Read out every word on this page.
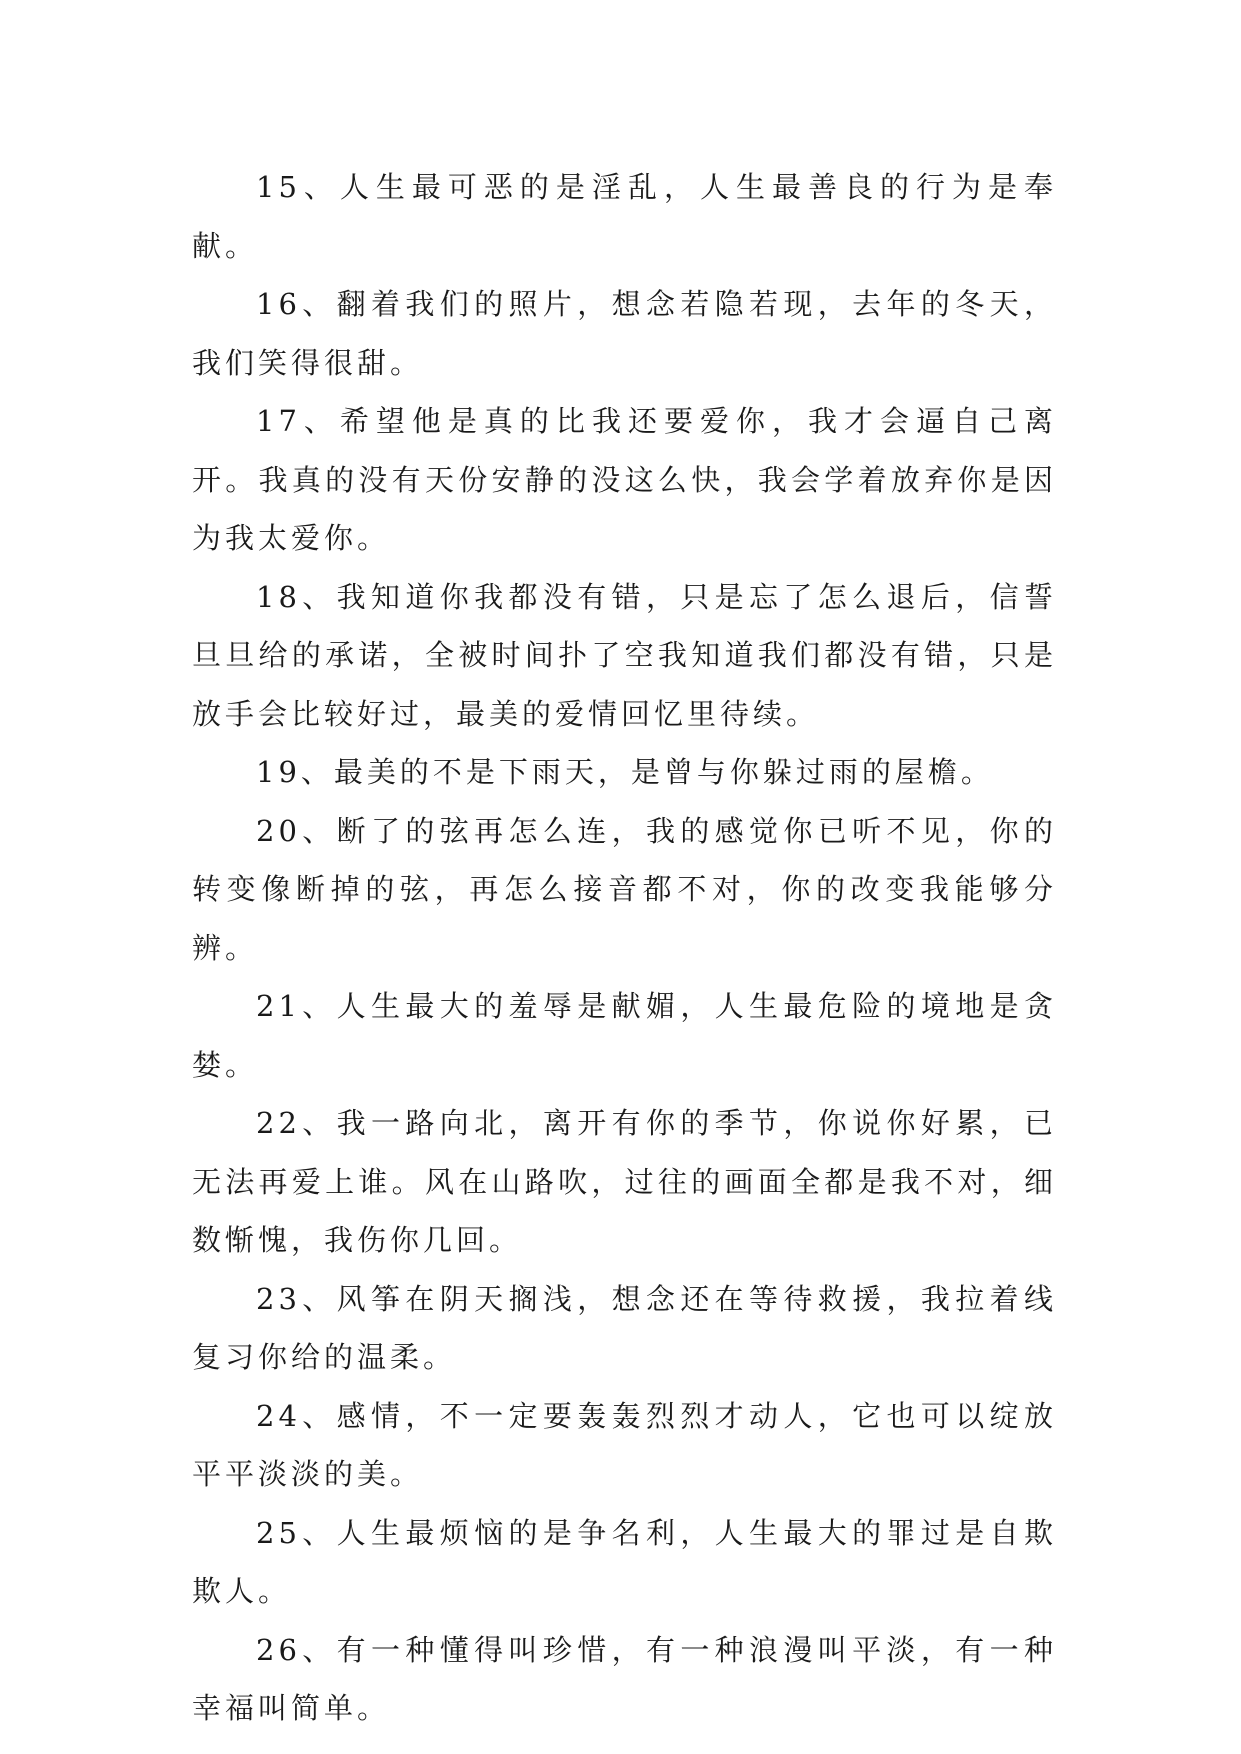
15、人生最可恶的是淫乱，人生最善良的行为是奉献。

16、翻着我们的照片，想念若隐若现，去年的冬天，我们笑得很甜。

17、希望他是真的比我还要爱你，我才会逼自己离开。我真的没有天份安静的没这么快，我会学着放弃你是因为我太爱你。

18、我知道你我都没有错，只是忘了怎么退后，信誓旦旦给的承诺，全被时间扑了空我知道我们都没有错，只是放手会比较好过，最美的爱情回忆里待续。

19、最美的不是下雨天，是曾与你躲过雨的屋檐。

20、断了的弦再怎么连，我的感觉你已听不见，你的转变像断掉的弦，再怎么接音都不对，你的改变我能够分辨。

21、人生最大的羞辱是献媚，人生最危险的境地是贪婪。

22、我一路向北，离开有你的季节，你说你好累，已无法再爱上谁。风在山路吹，过往的画面全都是我不对，细数惭愧，我伤你几回。

23、风筝在阴天搁浅，想念还在等待救援，我拉着线复习你给的温柔。

24、感情，不一定要轰轰烈烈才动人，它也可以绽放平平淡淡的美。

25、人生最烦恼的是争名利，人生最大的罪过是自欺欺人。

26、有一种懂得叫珍惜，有一种浪漫叫平淡，有一种幸福叫简单。
